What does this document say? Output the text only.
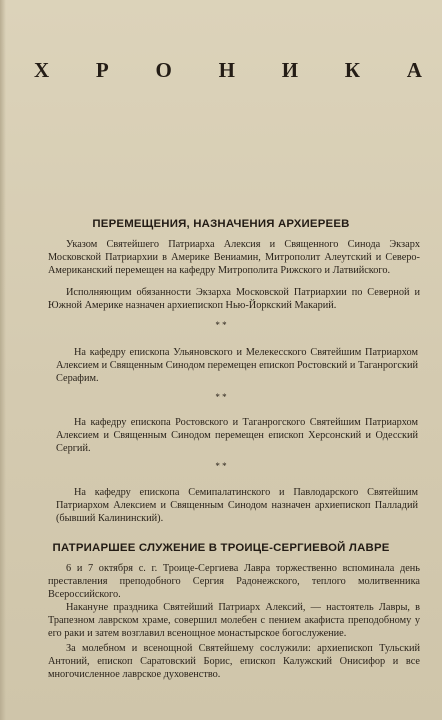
Х Р О Н И К А
ПЕРЕМЕЩЕНИЯ, НАЗНАЧЕНИЯ АРХИЕРЕЕВ

Указом Святейшего Патриарха Алексия и Священного Синода Экзарх Московской Патриархии в Америке Вениамин, Митрополит Алеутский и Северо-Американский перемещен на кафедру Митрополита Рижского и Латвийского.

Исполняющим обязанности Экзарха Московской Патриархии по Северной и Южной Америке назначен архиепископ Нью-Йоркский Макарий.

* *

На кафедру епископа Ульяновского и Мелекесского Святейшим Патриархом Алексием и Священным Синодом перемещен епископ Ростовский и Таганрогский Серафим.

* *

На кафедру епископа Ростовского и Таганрогского Святейшим Патриархом Алексием и Священным Синодом перемещен епископ Херсонский и Одесский Сергий.

* *

На кафедру епископа Семипалатинского и Павлодарского Святейшим Патриархом Алексием и Священным Синодом назначен архиепископ Палладий (бывший Калининский).

ПАТРИАРШЕЕ СЛУЖЕНИЕ В ТРОИЦЕ-СЕРГИЕВОЙ ЛАВРЕ

6 и 7 октября с. г. Троице-Сергиева Лавра торжественно вспоминала день преставления преподобного Сергия Радонежского, теплого молитвенника Всероссийского.

Накануне праздника Святейший Патриарх Алексий, — настоятель Лавры, в Трапезном лаврском храме, совершил молебен с пением акафиста преподобному у его раки и затем возглавил всенощное монастырское богослужение.

За молебном и всенощной Святейшему сослужили: архиепископ Тульский Антоний, епископ Саратовский Борис, епископ Калужский Онисифор и все многочисленное лаврское духовенство.
